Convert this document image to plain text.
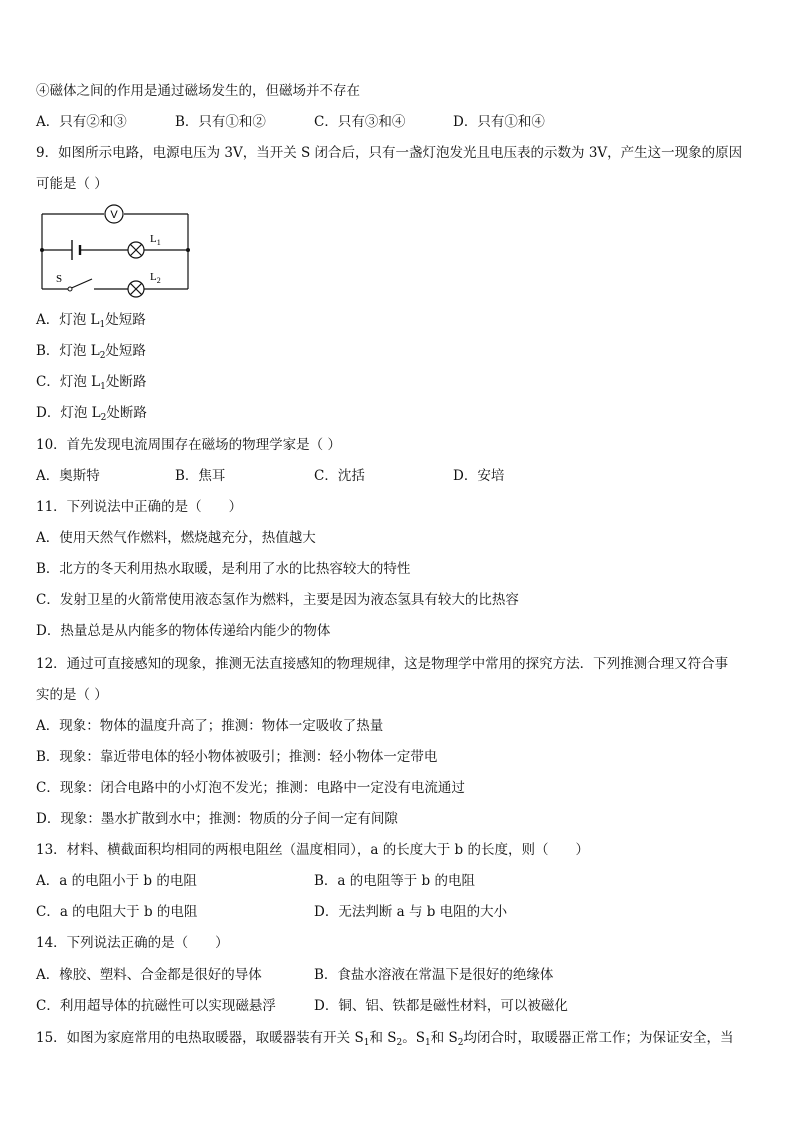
④磁体之间的作用是通过磁场发生的，但磁场并不存在
A．只有②和③	B．只有①和②	C．只有③和④	D．只有①和④
9．如图所示电路，电源电压为 3V，当开关 S 闭合后，只有一盏灯泡发光且电压表的示数为 3V，产生这一现象的原因
可能是（ ）
V
$L_1$
S	$L_2$
A．灯泡 $L_1$处短路
B．灯泡 $L_2$处短路
C．灯泡 $L_1$处断路
D．灯泡 $L_2$处断路
10．首先发现电流周围存在磁场的物理学家是（ ）
A．奥斯特	B．焦耳	C．沈括	D．安培
11．下列说法中正确的是（　　）
A．使用天然气作燃料，燃烧越充分，热值越大
B．北方的冬天利用热水取暖，是利用了水的比热容较大的特性
C．发射卫星的火箭常使用液态氢作为燃料，主要是因为液态氢具有较大的比热容
D．热量总是从内能多的物体传递给内能少的物体
12．通过可直接感知的现象，推测无法直接感知的物理规律，这是物理学中常用的探究方法．下列推测合理又符合事
实的是（ ）
A．现象：物体的温度升高了；推测：物体一定吸收了热量
B．现象：靠近带电体的轻小物体被吸引；推测：轻小物体一定带电
C．现象：闭合电路中的小灯泡不发光；推测：电路中一定没有电流通过
D．现象：墨水扩散到水中；推测：物质的分子间一定有间隙
13．材料、横截面积均相同的两根电阻丝（温度相同），a 的长度大于 b 的长度，则（　　）
A．a 的电阻小于 b 的电阻	B．a 的电阻等于 b 的电阻
C．a 的电阻大于 b 的电阻	D．无法判断 a 与 b 电阻的大小
14．下列说法正确的是（　　）
A．橡胶、塑料、合金都是很好的导体	B．食盐水溶液在常温下是很好的绝缘体
C．利用超导体的抗磁性可以实现磁悬浮	D．铜、铝、铁都是磁性材料，可以被磁化
15．如图为家庭常用的电热取暖器，取暖器装有开关 $S_1$和 $S_2$。$S_1$和 $S_2$均闭合时，取暖器正常工作；为保证安全，当
